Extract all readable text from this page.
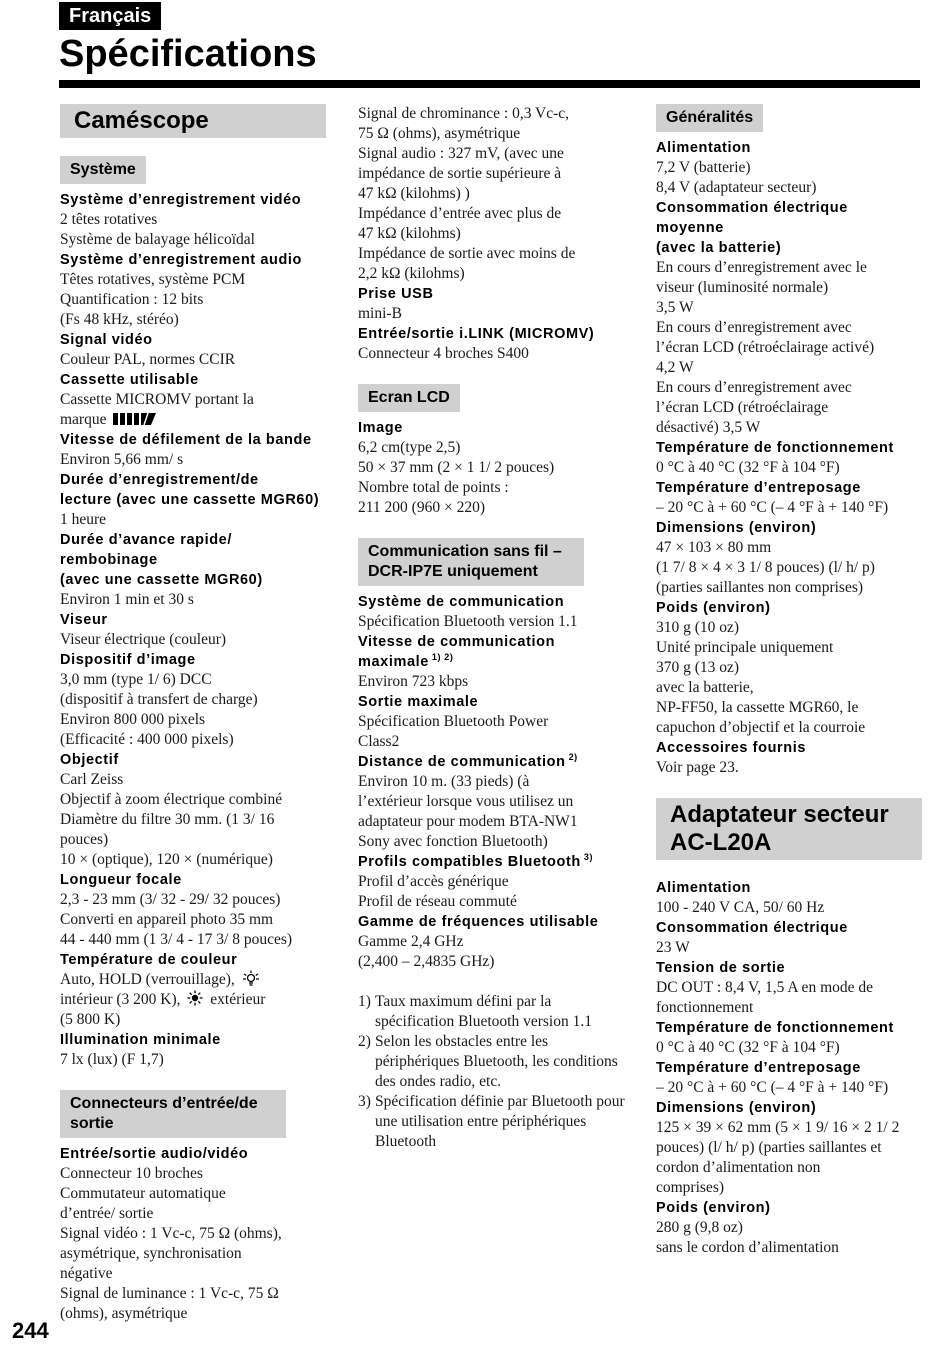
Français
Spécifications
Caméscope
Système
Système d’enregistrement vidéo
2 têtes rotatives
Système de balayage hélicoïdal
Système d’enregistrement audio
Têtes rotatives, système PCM
Quantification : 12 bits
(Fs 48 kHz, stéréo)
Signal vidéo
Couleur PAL, normes CCIR
Cassette utilisable
Cassette MICROMV portant la
marque
Vitesse de défilement de la bande
Environ 5,66 mm/ s
Durée d’enregistrement/de
lecture (avec une cassette MGR60)
1 heure
Durée d’avance rapide/
rembobinage
(avec une cassette MGR60)
Environ 1 min et 30 s
Viseur
Viseur électrique (couleur)
Dispositif d’image
3,0 mm (type 1/ 6) DCC
(dispositif à transfert de charge)
Environ 800 000 pixels
(Efficacité : 400 000 pixels)
Objectif
Carl Zeiss
Objectif à zoom électrique combiné
Diamètre du filtre 30 mm. (1 3/ 16
pouces)
10 × (optique), 120 × (numérique)
Longueur focale
2,3 - 23 mm (3/ 32 - 29/ 32 pouces)
Converti en appareil photo 35 mm
44 - 440 mm (1 3/ 4 - 17 3/ 8 pouces)
Température de couleur
Auto, HOLD (verrouillage),
intérieur (3 200 K), extérieur
(5 800 K)
Illumination minimale
7 lx (lux) (F 1,7)
Connecteurs d’entrée/de sortie
Entrée/sortie audio/vidéo
Connecteur 10 broches
Commutateur automatique
d’entrée/ sortie
Signal vidéo : 1 Vc-c, 75 Ω (ohms),
asymétrique, synchronisation
négative
Signal de luminance : 1 Vc-c, 75 Ω
(ohms), asymétrique
Signal de chrominance : 0,3 Vc-c,
75 Ω (ohms), asymétrique
Signal audio : 327 mV, (avec une
impédance de sortie supérieure à
47 kΩ (kilohms) )
Impédance d’entrée avec plus de
47 kΩ (kilohms)
Impédance de sortie avec moins de
2,2 kΩ (kilohms)
Prise USB
mini-B
Entrée/sortie i.LINK (MICROMV)
Connecteur 4 broches S400
Ecran LCD
Image
6,2 cm(type 2,5)
50 × 37 mm (2 × 1 1/ 2 pouces)
Nombre total de points :
211 200 (960 × 220)
Communication sans fil – DCR-IP7E uniquement
Système de communication
Spécification Bluetooth version 1.1
Vitesse de communication
maximale $^{1) 2)}$
Environ 723 kbps
Sortie maximale
Spécification Bluetooth Power
Class2
Distance de communication $^{2)}$
Environ 10 m. (33 pieds) (à
l’extérieur lorsque vous utilisez un
adaptateur pour modem BTA-NW1
Sony avec fonction Bluetooth)
Profils compatibles Bluetooth $^{3)}$
Profil d’accès générique
Profil de réseau commuté
Gamme de fréquences utilisable
Gamme 2,4 GHz
(2,400 – 2,4835 GHz)
1) Taux maximum défini par la spécification Bluetooth version 1.1
2) Selon les obstacles entre les périphériques Bluetooth, les conditions des ondes radio, etc.
3) Spécification définie par Bluetooth pour une utilisation entre périphériques Bluetooth
Généralités
Alimentation
7,2 V (batterie)
8,4 V (adaptateur secteur)
Consommation électrique
moyenne
(avec la batterie)
En cours d’enregistrement avec le
viseur (luminosité normale)
3,5 W
En cours d’enregistrement avec
l’écran LCD (rétroéclairage activé)
4,2 W
En cours d’enregistrement avec
l’écran LCD (rétroéclairage
désactivé) 3,5 W
Température de fonctionnement
0 °C à 40 °C (32 °F à 104 °F)
Température d’entreposage
– 20 °C à + 60 °C (– 4 °F à + 140 °F)
Dimensions (environ)
47 × 103 × 80 mm
(1 7/ 8 × 4 × 3 1/ 8 pouces) (l/ h/ p)
(parties saillantes non comprises)
Poids (environ)
310 g (10 oz)
Unité principale uniquement
370 g (13 oz)
avec la batterie,
NP-FF50, la cassette MGR60, le
capuchon d’objectif et la courroie
Accessoires fournis
Voir page 23.
Adaptateur secteur
AC-L20A
Alimentation
100 - 240 V CA, 50/ 60 Hz
Consommation électrique
23 W
Tension de sortie
DC OUT : 8,4 V, 1,5 A en mode de
fonctionnement
Température de fonctionnement
0 °C à 40 °C (32 °F à 104 °F)
Température d’entreposage
– 20 °C à + 60 °C (– 4 °F à + 140 °F)
Dimensions (environ)
125 × 39 × 62 mm (5 × 1 9/ 16 × 2 1/ 2
pouces) (l/ h/ p) (parties saillantes et
cordon d’alimentation non
comprises)
Poids (environ)
280 g (9,8 oz)
sans le cordon d’alimentation
244
